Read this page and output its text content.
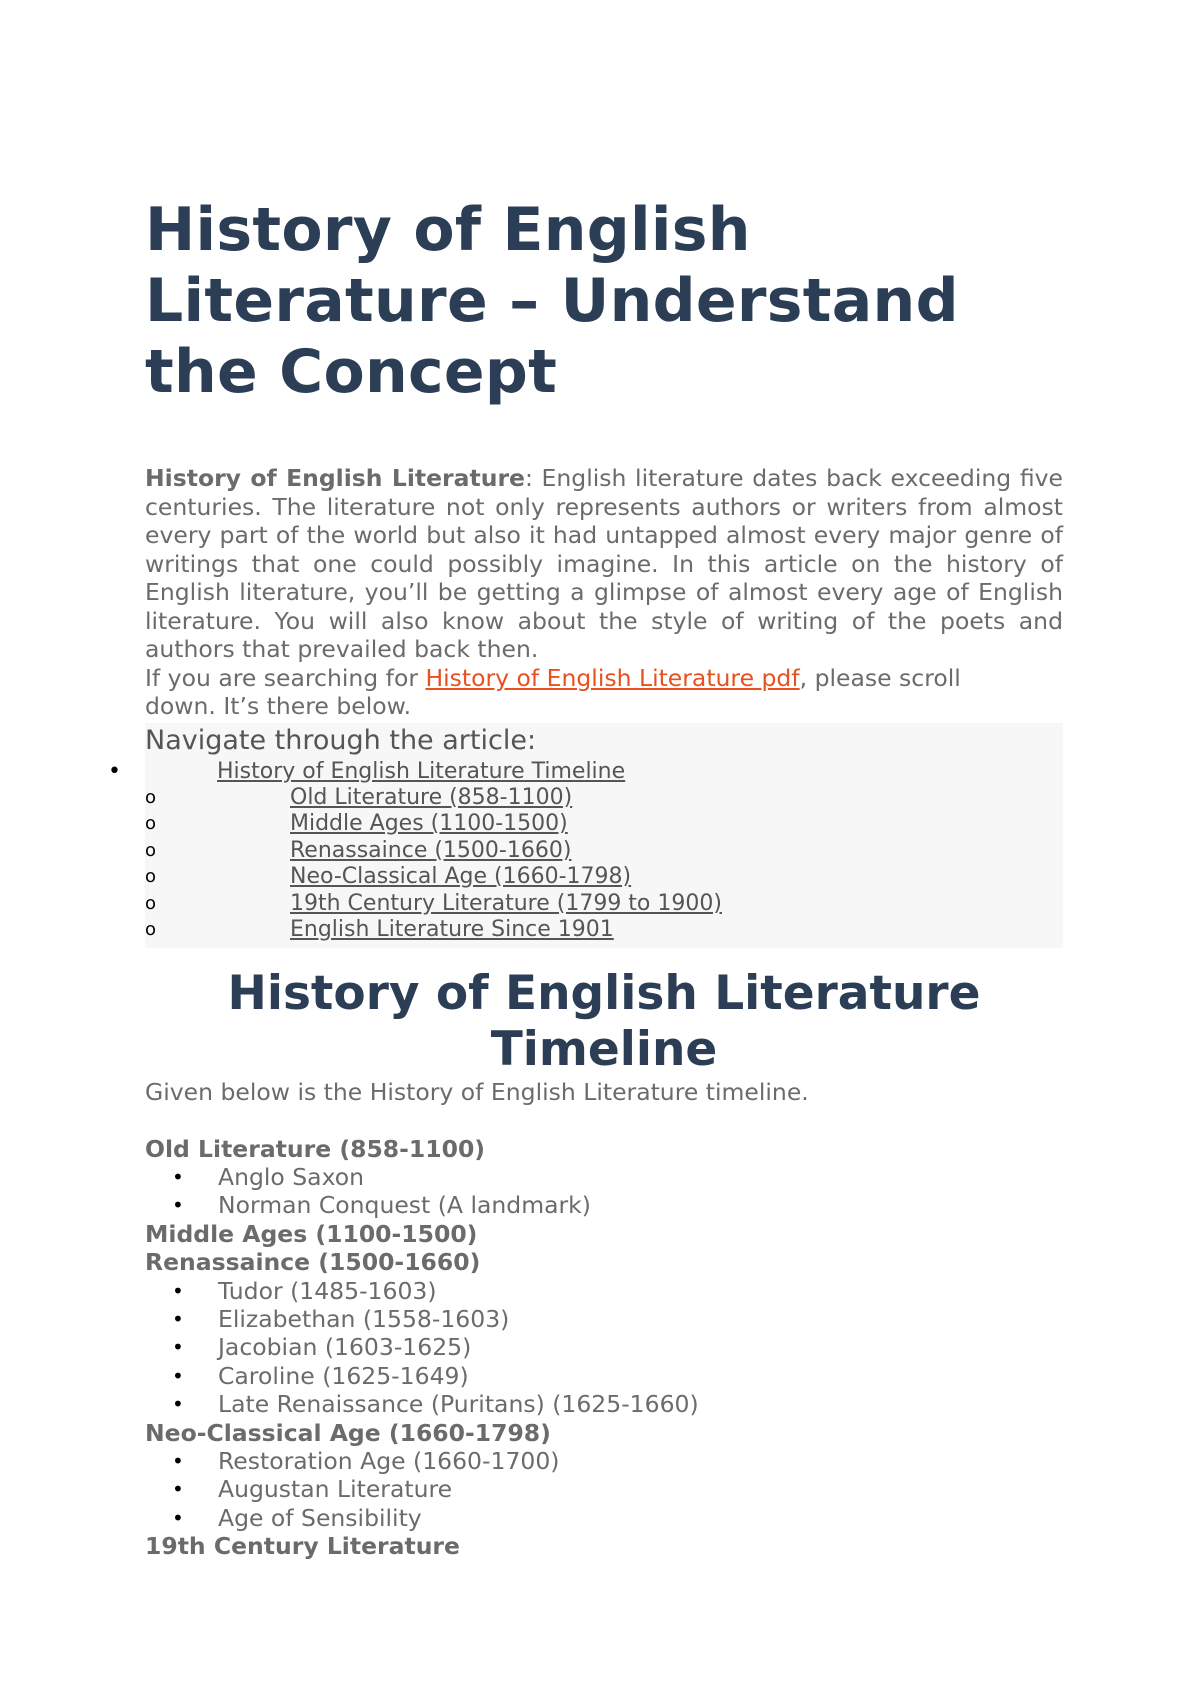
History of English Literature – Understand the Concept

History of English Literature: English literature dates back exceeding five centuries. The literature not only represents authors or writers from almost every part of the world but also it had untapped almost every major genre of writings that one could possibly imagine. In this article on the history of English literature, you’ll be getting a glimpse of almost every age of English literature. You will also know about the style of writing of the poets and authors that prevailed back then.

If you are searching for History of English Literature pdf, please scroll down. It’s there below.

Navigate through the article:
•	History of English Literature Timeline
o	Old Literature (858-1100)
o	Middle Ages (1100-1500)
o	Renassaince (1500-1660)
o	Neo-Classical Age (1660-1798)
o	19th Century Literature (1799 to 1900)
o	English Literature Since 1901
History of English Literature Timeline

Given below is the History of English Literature timeline.

Old Literature (858-1100)

• Anglo Saxon
• Norman Conquest (A landmark)

Middle Ages (1100-1500)

Renassaince (1500-1660)

• Tudor (1485-1603)
• Elizabethan (1558-1603)
• Jacobian (1603-1625)
• Caroline (1625-1649)
• Late Renaissance (Puritans) (1625-1660)

Neo-Classical Age (1660-1798)

• Restoration Age (1660-1700)
• Augustan Literature
• Age of Sensibility

19th Century Literature
